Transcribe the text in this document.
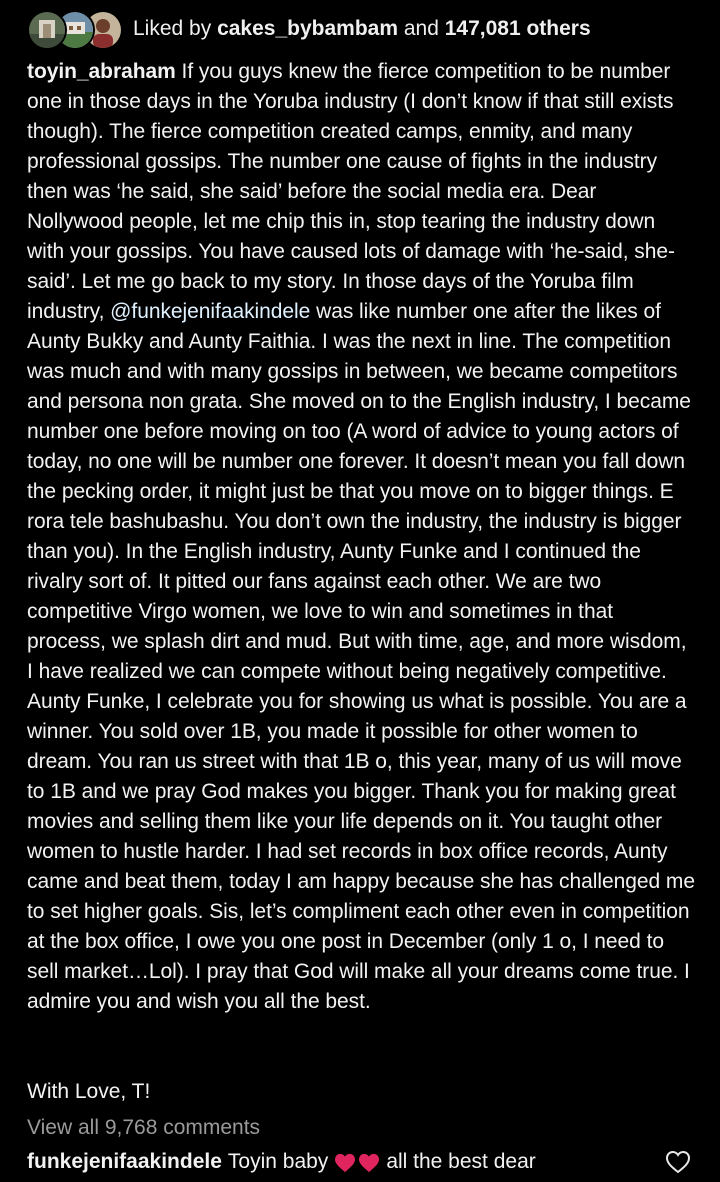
Liked by cakes_bybambam and 147,081 others
toyin_abraham If you guys knew the fierce competition to be number one in those days in the Yoruba industry (I don’t know if that still exists though). The fierce competition created camps, enmity, and many professional gossips. The number one cause of fights in the industry then was ‘he said, she said’ before the social media era. Dear Nollywood people, let me chip this in, stop tearing the industry down with your gossips. You have caused lots of damage with ‘he-said, she-said’. Let me go back to my story. In those days of the Yoruba film industry, @funkejenifaakindele was like number one after the likes of Aunty Bukky and Aunty Faithia. I was the next in line. The competition was much and with many gossips in between, we became competitors and persona non grata. She moved on to the English industry, I became number one before moving on too (A word of advice to young actors of today, no one will be number one forever. It doesn’t mean you fall down the pecking order, it might just be that you move on to bigger things. E rora tele bashubashu. You don’t own the industry, the industry is bigger than you). In the English industry, Aunty Funke and I continued the rivalry sort of. It pitted our fans against each other. We are two competitive Virgo women, we love to win and sometimes in that process, we splash dirt and mud. But with time, age, and more wisdom, I have realized we can compete without being negatively competitive. Aunty Funke, I celebrate you for showing us what is possible. You are a winner. You sold over 1B, you made it possible for other women to dream. You ran us street with that 1B o, this year, many of us will move to 1B and we pray God makes you bigger. Thank you for making great movies and selling them like your life depends on it. You taught other women to hustle harder. I had set records in box office records, Aunty came and beat them, today I am happy because she has challenged me to set higher goals. Sis, let’s compliment each other even in competition at the box office, I owe you one post in December (only 1 o, I need to sell market…Lol). I pray that God will make all your dreams come true. I admire you and wish you all the best.
With Love, T!
View all 9,768 comments
funkejenifaakindele Toyin baby	all the best dear
